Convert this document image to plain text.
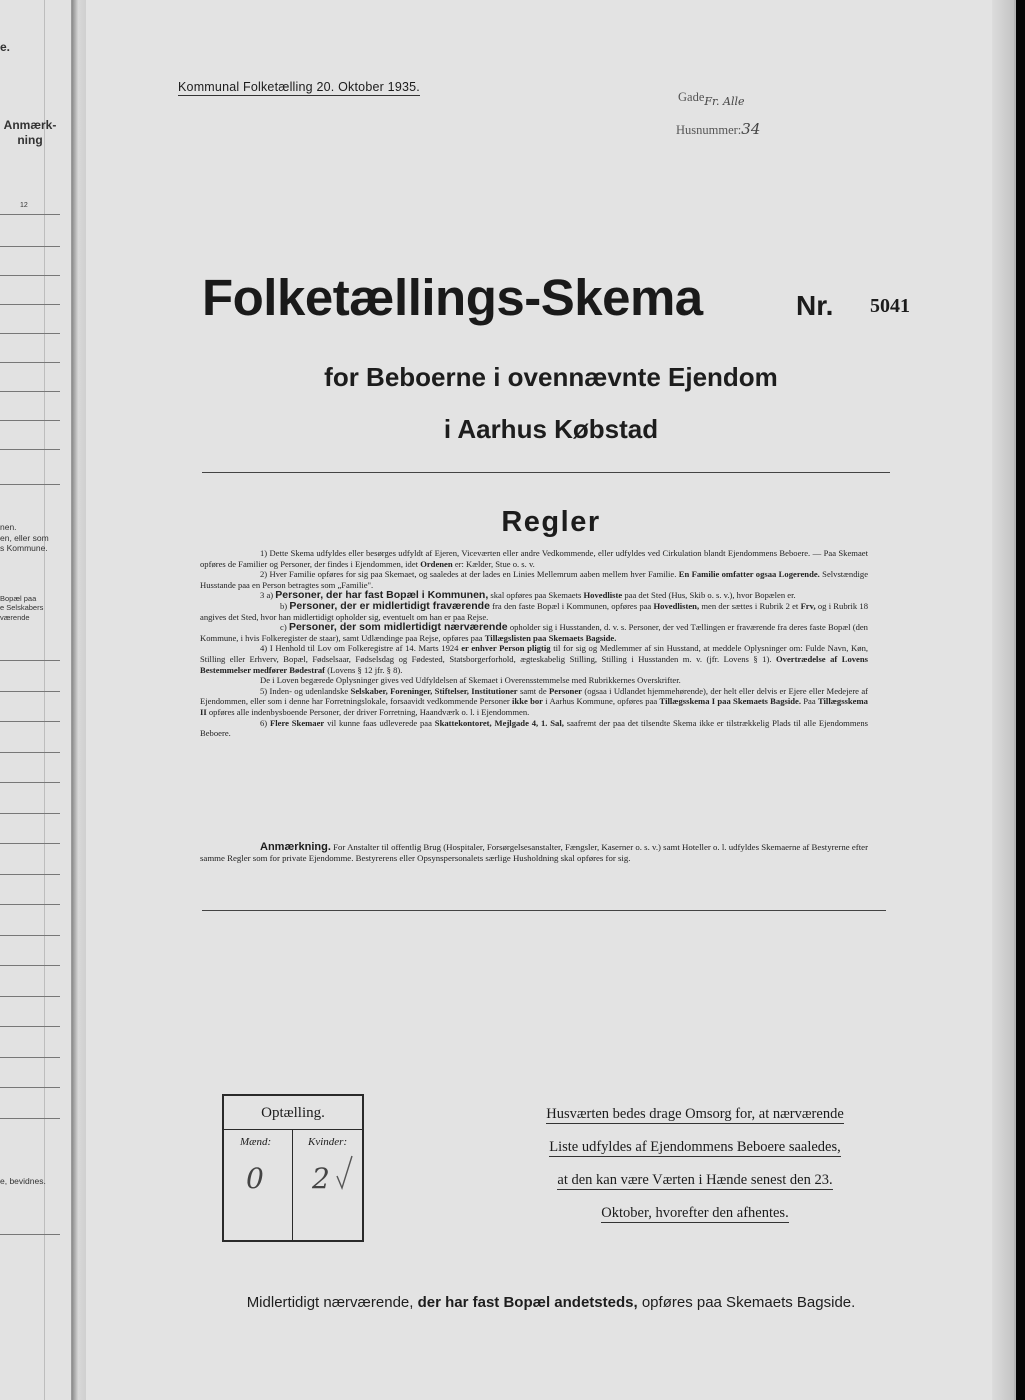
e.
Anmærk-
ning
12
nen.
en, eller som
s Kommune.
Bopæl paa
e Selskabers
værende
e, bevidnes.
Kommunal Folketælling 20. Oktober 1935.
Gade$_{Fr. Alle}$
Husnummer:34
Folketællings-Skema	Nr. 5041
for Beboerne i ovennævnte Ejendom
i Aarhus Købstad
Regler

1) Dette Skema udfyldes eller besørges udfyldt af Ejeren, Viceværten eller andre Vedkommende, eller udfyldes ved Cirkulation blandt Ejendommens Beboere. — Paa Skemaet opføres de Familier og Personer, der findes i Ejendommen, idet Ordenen er: Kælder, Stue o. s. v.

2) Hver Familie opføres for sig paa Skemaet, og saaledes at der lades en Linies Mellemrum aaben mellem hver Familie. En Familie omfatter ogsaa Logerende. Selvstændige Husstande paa en Person betragtes som „Familie".

3 a) Personer, der har fast Bopæl i Kommunen, skal opføres paa Skemaets Hovedliste paa det Sted (Hus, Skib o. s. v.), hvor Bopælen er.

b) Personer, der er midlertidigt fraværende fra den faste Bopæl i Kommunen, opføres paa Hovedlisten, men der sættes i Rubrik 2 et Frv, og i Rubrik 18 angives det Sted, hvor han midlertidigt opholder sig, eventuelt om han er paa Rejse.

c) Personer, der som midlertidigt nærværende opholder sig i Husstanden, d. v. s. Personer, der ved Tællingen er fraværende fra deres faste Bopæl (den Kommune, i hvis Folkeregister de staar), samt Udlændinge paa Rejse, opføres paa Tillægslisten paa Skemaets Bagside.

4) I Henhold til Lov om Folkeregistre af 14. Marts 1924 er enhver Person pligtig til for sig og Medlemmer af sin Husstand, at meddele Oplysninger om: Fulde Navn, Køn, Stilling eller Erhverv, Bopæl, Fødselsaar, Fødselsdag og Fødested, Statsborgerforhold, ægteskabelig Stilling, Stilling i Husstanden m. v. (jfr. Lovens § 1). Overtrædelse af Lovens Bestemmelser medfører Bødestraf (Lovens § 12 jfr. § 8).

De i Loven begærede Oplysninger gives ved Udfyldelsen af Skemaet i Overensstemmelse med Rubrikkernes Overskrifter.

5) Inden- og udenlandske Selskaber, Foreninger, Stiftelser, Institutioner samt de Personer (ogsaa i Udlandet hjemmehørende), der helt eller delvis er Ejere eller Medejere af Ejendommen, eller som i denne har Forretningslokale, forsaavidt vedkommende Personer ikke bor i Aarhus Kommune, opføres paa Tillægsskema I paa Skemaets Bagside. Paa Tillægsskema II opføres alle indenbysboende Personer, der driver Forretning, Haandværk o. l. i Ejendommen.

6) Flere Skemaer vil kunne faas udleverede paa Skattekontoret, Mejlgade 4, 1. Sal, saafremt der paa det tilsendte Skema ikke er tilstrækkelig Plads til alle Ejendommens Beboere.

Anmærkning. For Anstalter til offentlig Brug (Hospitaler, Forsørgelsesanstalter, Fængsler, Kaserner o. s. v.) samt Hoteller o. l. udfyldes Skemaerne af Bestyrerne efter samme Regler som for private Ejendomme. Bestyrerens eller Opsynspersonalets særlige Husholdning skal opføres for sig.

Optælling.
Mænd:	Kvinder:
0 2
Husværten bedes drage Omsorg for, at nærværende
Liste udfyldes af Ejendommens Beboere saaledes,
at den kan være Værten i Hænde senest den 23.
Oktober, hvorefter den afhentes.
Midlertidigt nærværende, der har fast Bopæl andetsteds, opføres paa Skemaets Bagside.
